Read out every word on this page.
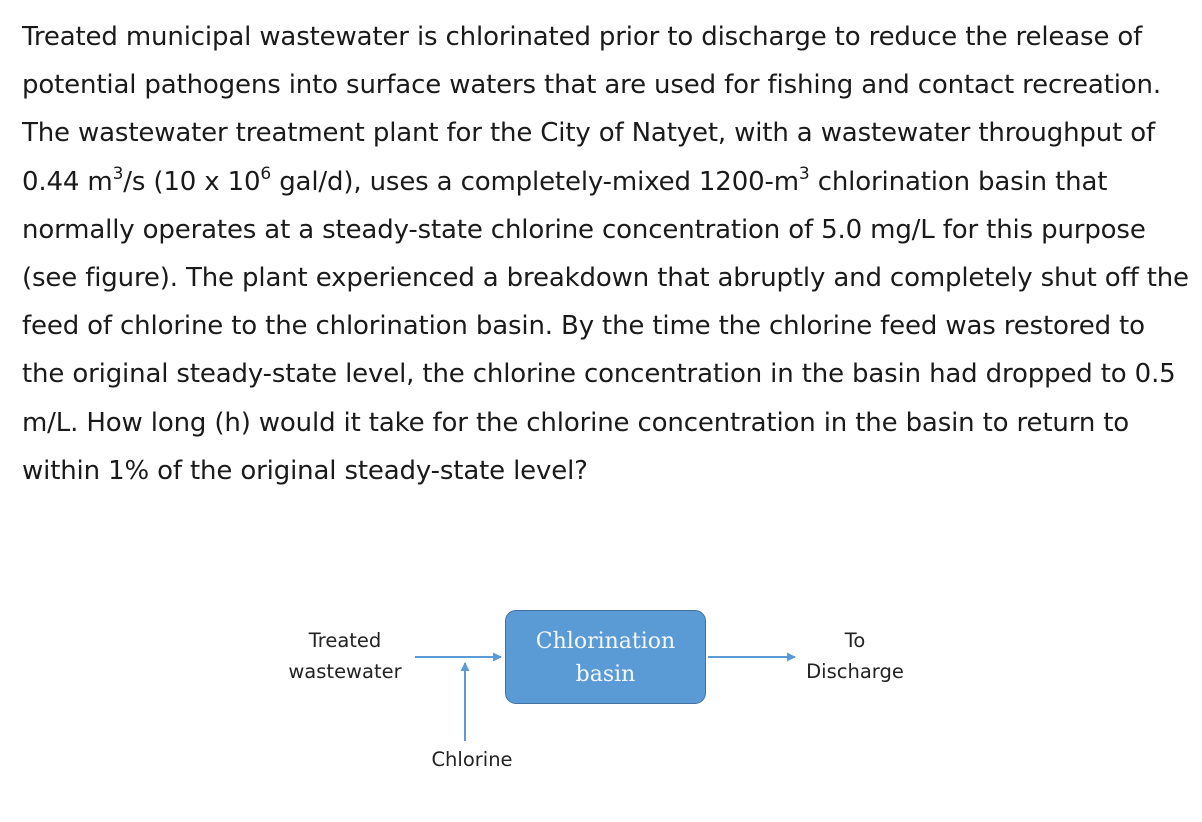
Treated municipal wastewater is chlorinated prior to discharge to reduce the release of potential pathogens into surface waters that are used for fishing and contact recreation. The wastewater treatment plant for the City of Natyet, with a wastewater throughput of 0.44 $m^3/s$ (10 x $10^6$ gal/d), uses a completely-mixed $1200-m^3$ chlorination basin that normally operates at a steady-state chlorine concentration of 5.0 mg/L for this purpose (see figure). The plant experienced a breakdown that abruptly and completely shut off the feed of chlorine to the chlorination basin. By the time the chlorine feed was restored to the original steady-state level, the chlorine concentration in the basin had dropped to 0.5 m/L. How long (h) would it take for the chlorine concentration in the basin to return to within 1% of the original steady-state level?
Treated
wastewater
Chlorination
basin
To
Discharge
Chlorine
